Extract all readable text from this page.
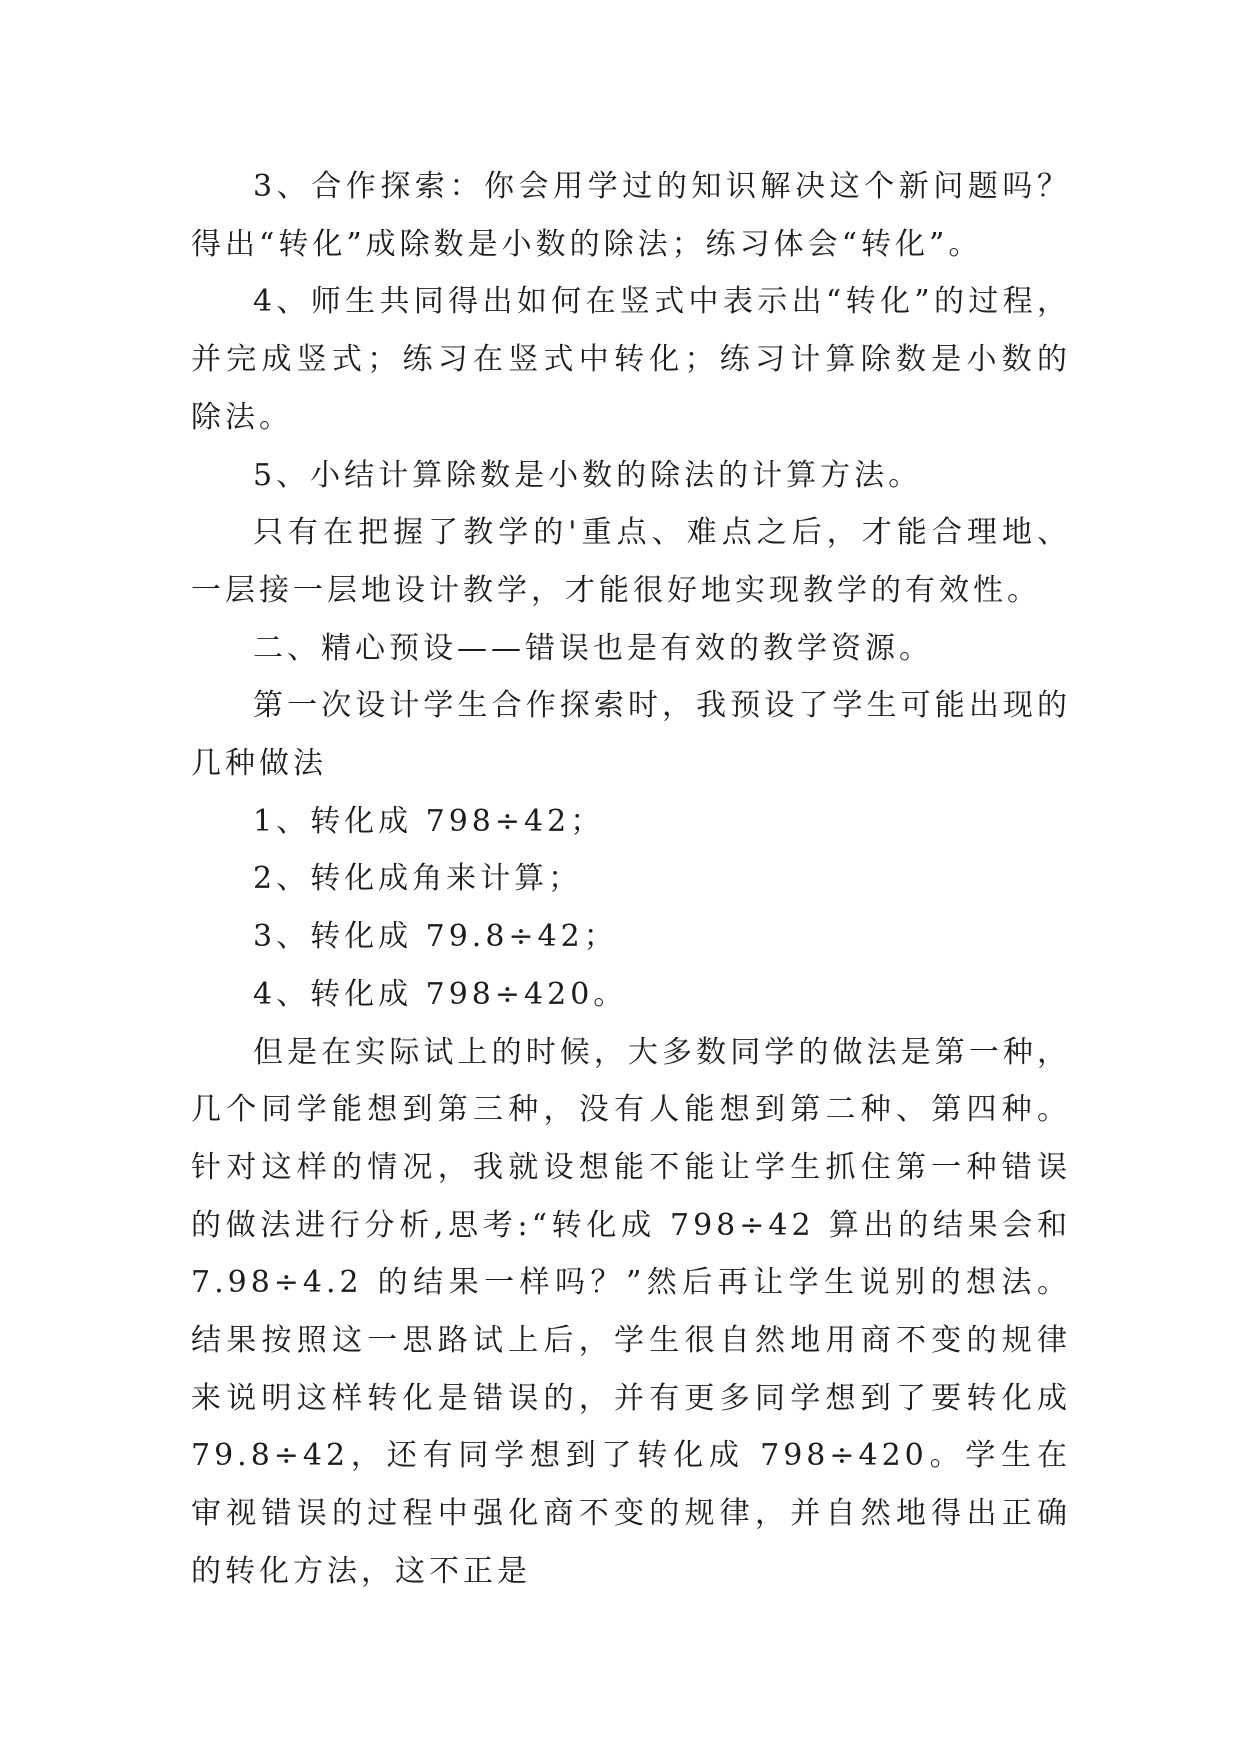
3、合作探索：你会用学过的知识解决这个新问题吗？得出“转化”成除数是小数的除法；练习体会“转化”。

4、师生共同得出如何在竖式中表示出“转化”的过程，并完成竖式；练习在竖式中转化；练习计算除数是小数的除法。

5、小结计算除数是小数的除法的计算方法。

只有在把握了教学的'重点、难点之后，才能合理地、一层接一层地设计教学，才能很好地实现教学的有效性。

二、精心预设——错误也是有效的教学资源。

第一次设计学生合作探索时，我预设了学生可能出现的几种做法

1、转化成 798÷42；

2、转化成角来计算；

3、转化成 79.8÷42；

4、转化成 798÷420。

但是在实际试上的时候，大多数同学的做法是第一种，几个同学能想到第三种，没有人能想到第二种、第四种。针对这样的情况，我就设想能不能让学生抓住第一种错误的做法进行分析,思考:“转化成 798÷42 算出的结果会和 7.98÷4.2 的结果一样吗？”然后再让学生说别的想法。结果按照这一思路试上后，学生很自然地用商不变的规律来说明这样转化是错误的，并有更多同学想到了要转化成 79.8÷42，还有同学想到了转化成 798÷420。学生在审视错误的过程中强化商不变的规律，并自然地得出正确的转化方法，这不正是
